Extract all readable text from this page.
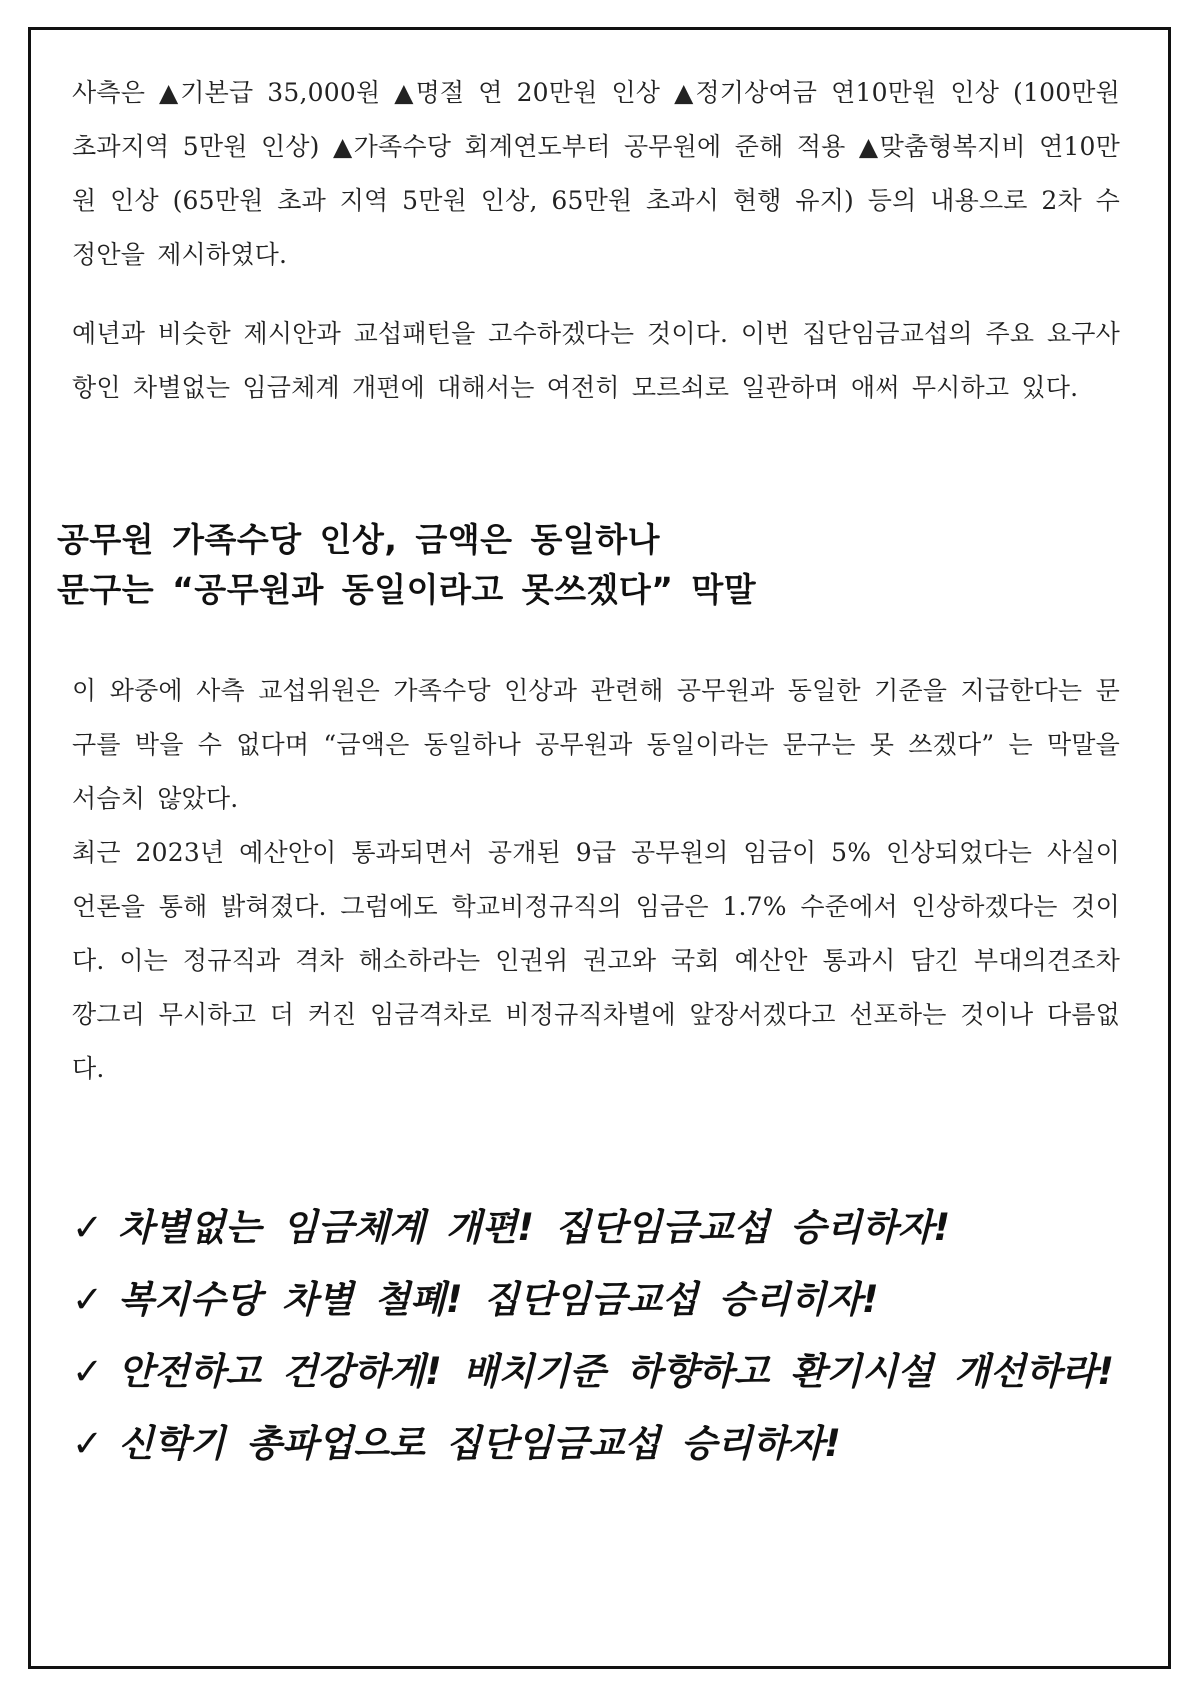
사측은 ▲기본급 35,000원 ▲명절 연 20만원 인상 ▲정기상여금 연10만원 인상 (100만원 초과지역 5만원 인상) ▲가족수당 회계연도부터 공무원에 준해 적용 ▲맞춤형복지비 연10만원 인상 (65만원 초과 지역 5만원 인상, 65만원 초과시 현행 유지) 등의 내용으로 2차 수정안을 제시하였다.

예년과 비슷한 제시안과 교섭패턴을 고수하겠다는 것이다. 이번 집단임금교섭의 주요 요구사항인 차별없는 임금체계 개편에 대해서는 여전히 모르쇠로 일관하며 애써 무시하고 있다.

공무원 가족수당 인상, 금액은 동일하나
문구는 “공무원과 동일이라고 못쓰겠다” 막말

이 와중에 사측 교섭위원은 가족수당 인상과 관련해 공무원과 동일한 기준을 지급한다는 문구를 박을 수 없다며 “금액은 동일하나 공무원과 동일이라는 문구는 못 쓰겠다” 는 막말을 서슴치 않았다.

최근 2023년 예산안이 통과되면서 공개된 9급 공무원의 임금이 5% 인상되었다는 사실이 언론을 통해 밝혀졌다. 그럼에도 학교비정규직의 임금은 1.7% 수준에서 인상하겠다는 것이다. 이는 정규직과 격차 해소하라는 인권위 권고와 국회 예산안 통과시 담긴 부대의견조차 깡그리 무시하고 더 커진 임금격차로 비정규직차별에 앞장서겠다고 선포하는 것이나 다름없다.

✓ 차별없는 임금체계 개편! 집단임금교섭 승리하자!
✓ 복지수당 차별 철폐! 집단임금교섭 승리히자!
✓ 안전하고 건강하게! 배치기준 하향하고 환기시설 개선하라!
✓ 신학기 총파업으로 집단임금교섭 승리하자!
